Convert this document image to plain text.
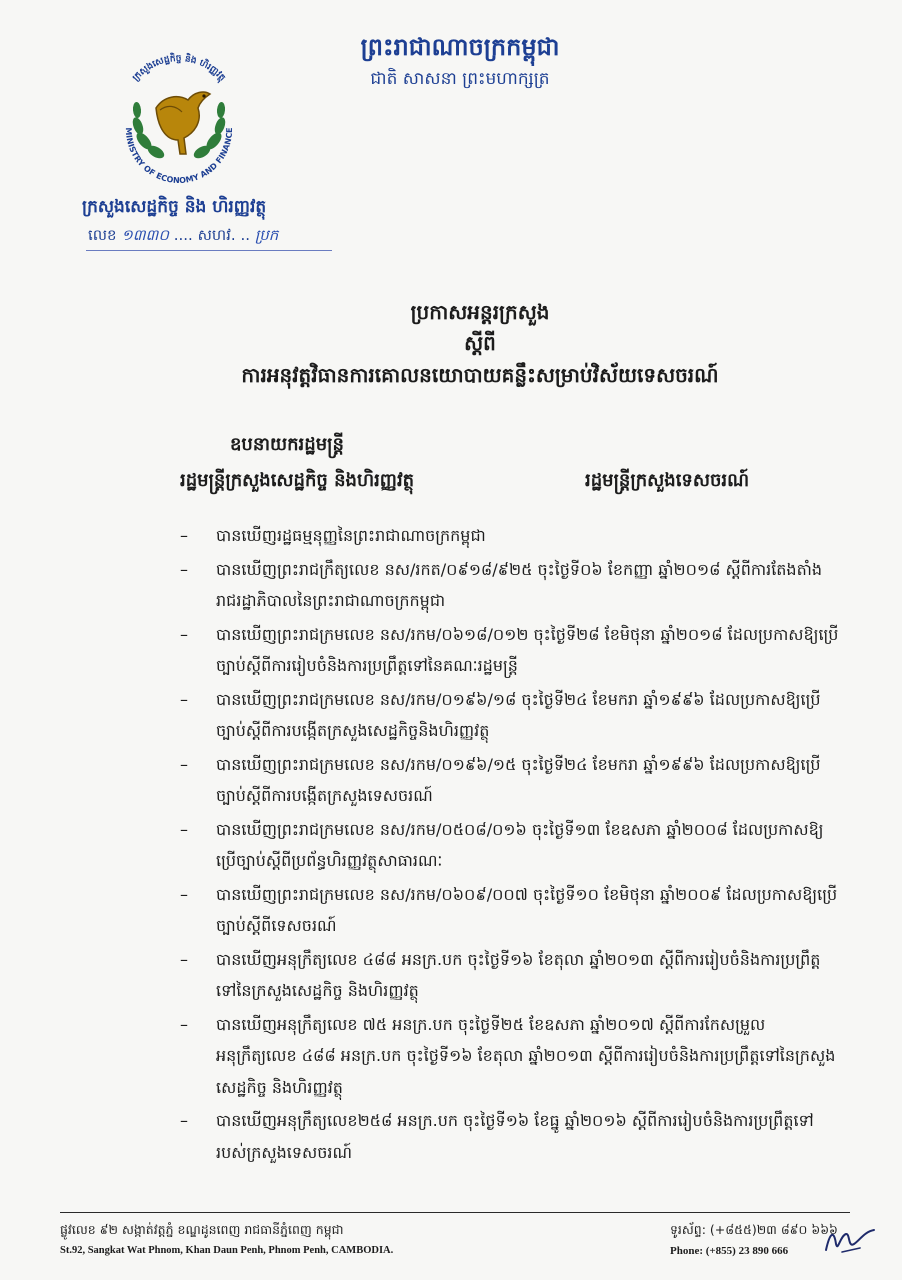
ព្រះរាជាណាចក្រកម្ពុជា
ជាតិ សាសនា ព្រះមហាក្សត្រ
MINISTRY OF ECONOMY AND FINANCE
ក្រសួងសេដ្ឋកិច្ច និង ហិរញ្ញវត្ថុ
ក្រសួងសេដ្ឋកិច្ច និង ហិរញ្ញវត្ថុ
លេខ ១៣៣០ .... សហវ. .. ប្រក
ប្រកាសអន្តរក្រសួង
ស្តីពី
ការអនុវត្តវិធានការគោលនយោបាយគន្លឹះសម្រាប់វិស័យទេសចរណ៍
ឧបនាយករដ្ឋមន្ត្រី
រដ្ឋមន្ត្រីក្រសួងសេដ្ឋកិច្ច និងហិរញ្ញវត្ថុ	រដ្ឋមន្ត្រីក្រសួងទេសចរណ៍
– បានឃើញរដ្ឋធម្មនុញ្ញនៃព្រះរាជាណាចក្រកម្ពុជា
– បានឃើញព្រះរាជក្រឹត្យលេខ នស/រកត/០៩១៨/៩២៥ ចុះថ្ងៃទី០៦ ខែកញ្ញា ឆ្នាំ២០១៨ ស្តីពីការតែងតាំងរាជរដ្ឋាភិបាលនៃព្រះរាជាណាចក្រកម្ពុជា
– បានឃើញព្រះរាជក្រមលេខ នស/រកម/០៦១៨/០១២ ចុះថ្ងៃទី២៨ ខែមិថុនា ឆ្នាំ២០១៨ ដែលប្រកាសឱ្យប្រើច្បាប់ស្តីពីការរៀបចំនិងការប្រព្រឹត្តទៅនៃគណៈរដ្ឋមន្ត្រី
– បានឃើញព្រះរាជក្រមលេខ នស/រកម/០១៩៦/១៨ ចុះថ្ងៃទី២៤ ខែមករា ឆ្នាំ១៩៩៦ ដែលប្រកាសឱ្យប្រើច្បាប់ស្តីពីការបង្កើតក្រសួងសេដ្ឋកិច្ចនិងហិរញ្ញវត្ថុ
– បានឃើញព្រះរាជក្រមលេខ នស/រកម/០១៩៦/១៥ ចុះថ្ងៃទី២៤ ខែមករា ឆ្នាំ១៩៩៦ ដែលប្រកាសឱ្យប្រើច្បាប់ស្តីពីការបង្កើតក្រសួងទេសចរណ៍
– បានឃើញព្រះរាជក្រមលេខ នស/រកម/០៥០៨/០១៦ ចុះថ្ងៃទី១៣ ខែឧសភា ឆ្នាំ២០០៨ ដែលប្រកាសឱ្យប្រើច្បាប់ស្តីពីប្រព័ន្ធហិរញ្ញវត្ថុសាធារណៈ
– បានឃើញព្រះរាជក្រមលេខ នស/រកម/០៦០៩/០០៧ ចុះថ្ងៃទី១០ ខែមិថុនា ឆ្នាំ២០០៩ ដែលប្រកាសឱ្យប្រើច្បាប់ស្តីពីទេសចរណ៍
– បានឃើញអនុក្រឹត្យលេខ ៤៨៨ អនក្រ.បក ចុះថ្ងៃទី១៦ ខែតុលា ឆ្នាំ២០១៣ ស្តីពីការរៀបចំនិងការប្រព្រឹត្តទៅនៃក្រសួងសេដ្ឋកិច្ច និងហិរញ្ញវត្ថុ
– បានឃើញអនុក្រឹត្យលេខ ៧៥ អនក្រ.បក ចុះថ្ងៃទី២៥ ខែឧសភា ឆ្នាំ២០១៧ ស្តីពីការកែសម្រួលអនុក្រឹត្យលេខ ៤៨៨ អនក្រ.បក ចុះថ្ងៃទី១៦ ខែតុលា ឆ្នាំ២០១៣ ស្តីពីការរៀបចំនិងការប្រព្រឹត្តទៅនៃក្រសួងសេដ្ឋកិច្ច និងហិរញ្ញវត្ថុ
– បានឃើញអនុក្រឹត្យលេខ២៥៨ អនក្រ.បក ចុះថ្ងៃទី១៦ ខែធ្នូ ឆ្នាំ២០១៦ ស្តីពីការរៀបចំនិងការប្រព្រឹត្តទៅរបស់ក្រសួងទេសចរណ៍
ផ្លូវលេខ ៩២ សង្កាត់វត្តភ្នំ ខណ្ឌដូនពេញ រាជធានីភ្នំពេញ កម្ពុជា
St.92, Sangkat Wat Phnom, Khan Daun Penh, Phnom Penh, CAMBODIA.
ទូរស័ព្ទ: (+៨៥៥)២៣ ៨៩០ ៦៦៦
Phone: (+855) 23 890 666
